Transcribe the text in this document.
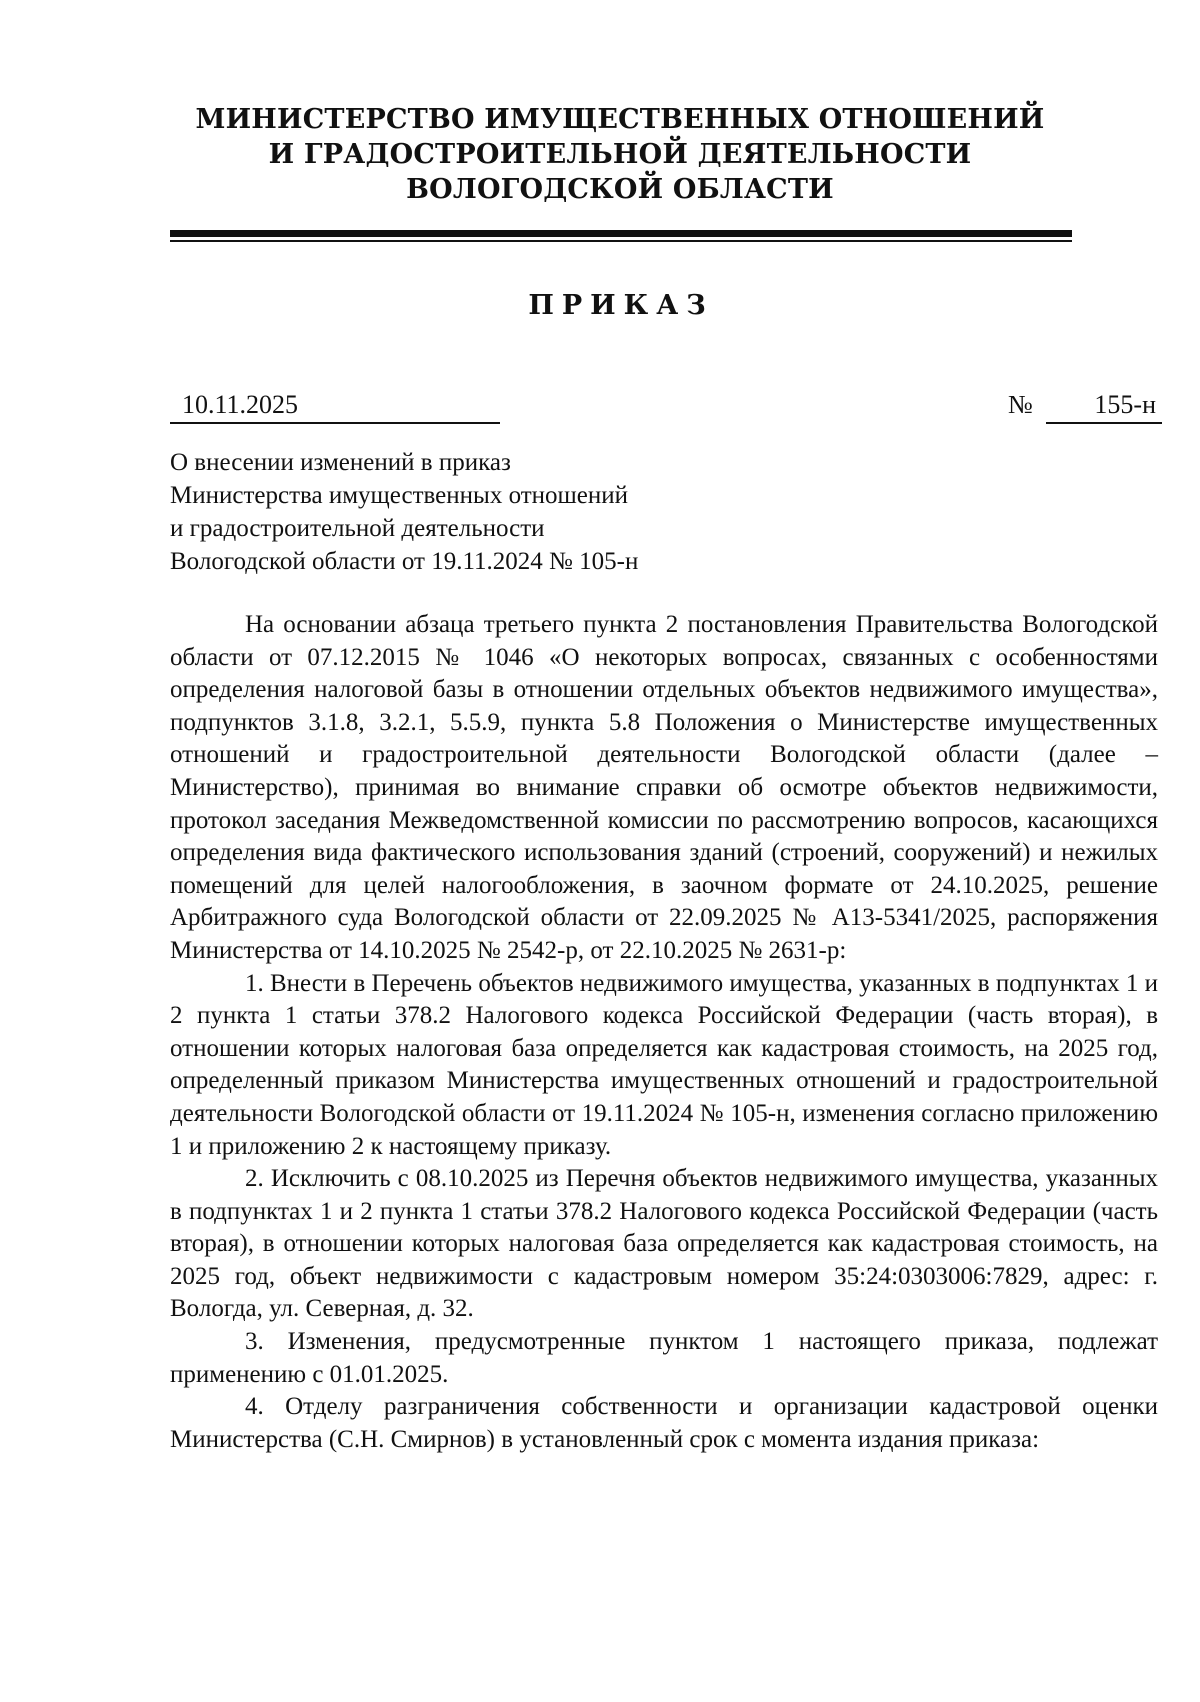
МИНИСТЕРСТВО ИМУЩЕСТВЕННЫХ ОТНОШЕНИЙ
И ГРАДОСТРОИТЕЛЬНОЙ ДЕЯТЕЛЬНОСТИ
ВОЛОГОДСКОЙ ОБЛАСТИ
ПРИКАЗ
10.11.2025	№	155-н
О внесении изменений в приказ
Министерства имущественных отношений
и градостроительной деятельности
Вологодской области от 19.11.2024 № 105-н

На основании абзаца третьего пункта 2 постановления Правительства Вологодской области от 07.12.2015 № 1046 «О некоторых вопросах, связанных с особенностями определения налоговой базы в отношении отдельных объектов недвижимого имущества», подпунктов 3.1.8, 3.2.1, 5.5.9, пункта 5.8 Положения о Министерстве имущественных отношений и градостроительной деятельности Вологодской области (далее – Министерство), принимая во внимание справки об осмотре объектов недвижимости, протокол заседания Межведомственной комиссии по рассмотрению вопросов, касающихся определения вида фактического использования зданий (строений, сооружений) и нежилых помещений для целей налогообложения, в заочном формате от 24.10.2025, решение Арбитражного суда Вологодской области от 22.09.2025 № А13-5341/2025, распоряжения Министерства от 14.10.2025 № 2542-р, от 22.10.2025 № 2631-р:

1. Внести в Перечень объектов недвижимого имущества, указанных в подпунктах 1 и 2 пункта 1 статьи 378.2 Налогового кодекса Российской Федерации (часть вторая), в отношении которых налоговая база определяется как кадастровая стоимость, на 2025 год, определенный приказом Министерства имущественных отношений и градостроительной деятельности Вологодской области от 19.11.2024 № 105-н, изменения согласно приложению 1 и приложению 2 к настоящему приказу.

2. Исключить с 08.10.2025 из Перечня объектов недвижимого имущества, указанных в подпунктах 1 и 2 пункта 1 статьи 378.2 Налогового кодекса Российской Федерации (часть вторая), в отношении которых налоговая база определяется как кадастровая стоимость, на 2025 год, объект недвижимости с кадастровым номером 35:24:0303006:7829, адрес: г. Вологда, ул. Северная, д. 32.

3. Изменения, предусмотренные пунктом 1 настоящего приказа, подлежат применению с 01.01.2025.

4. Отделу разграничения собственности и организации кадастровой оценки Министерства (С.Н. Смирнов) в установленный срок с момента издания приказа:
